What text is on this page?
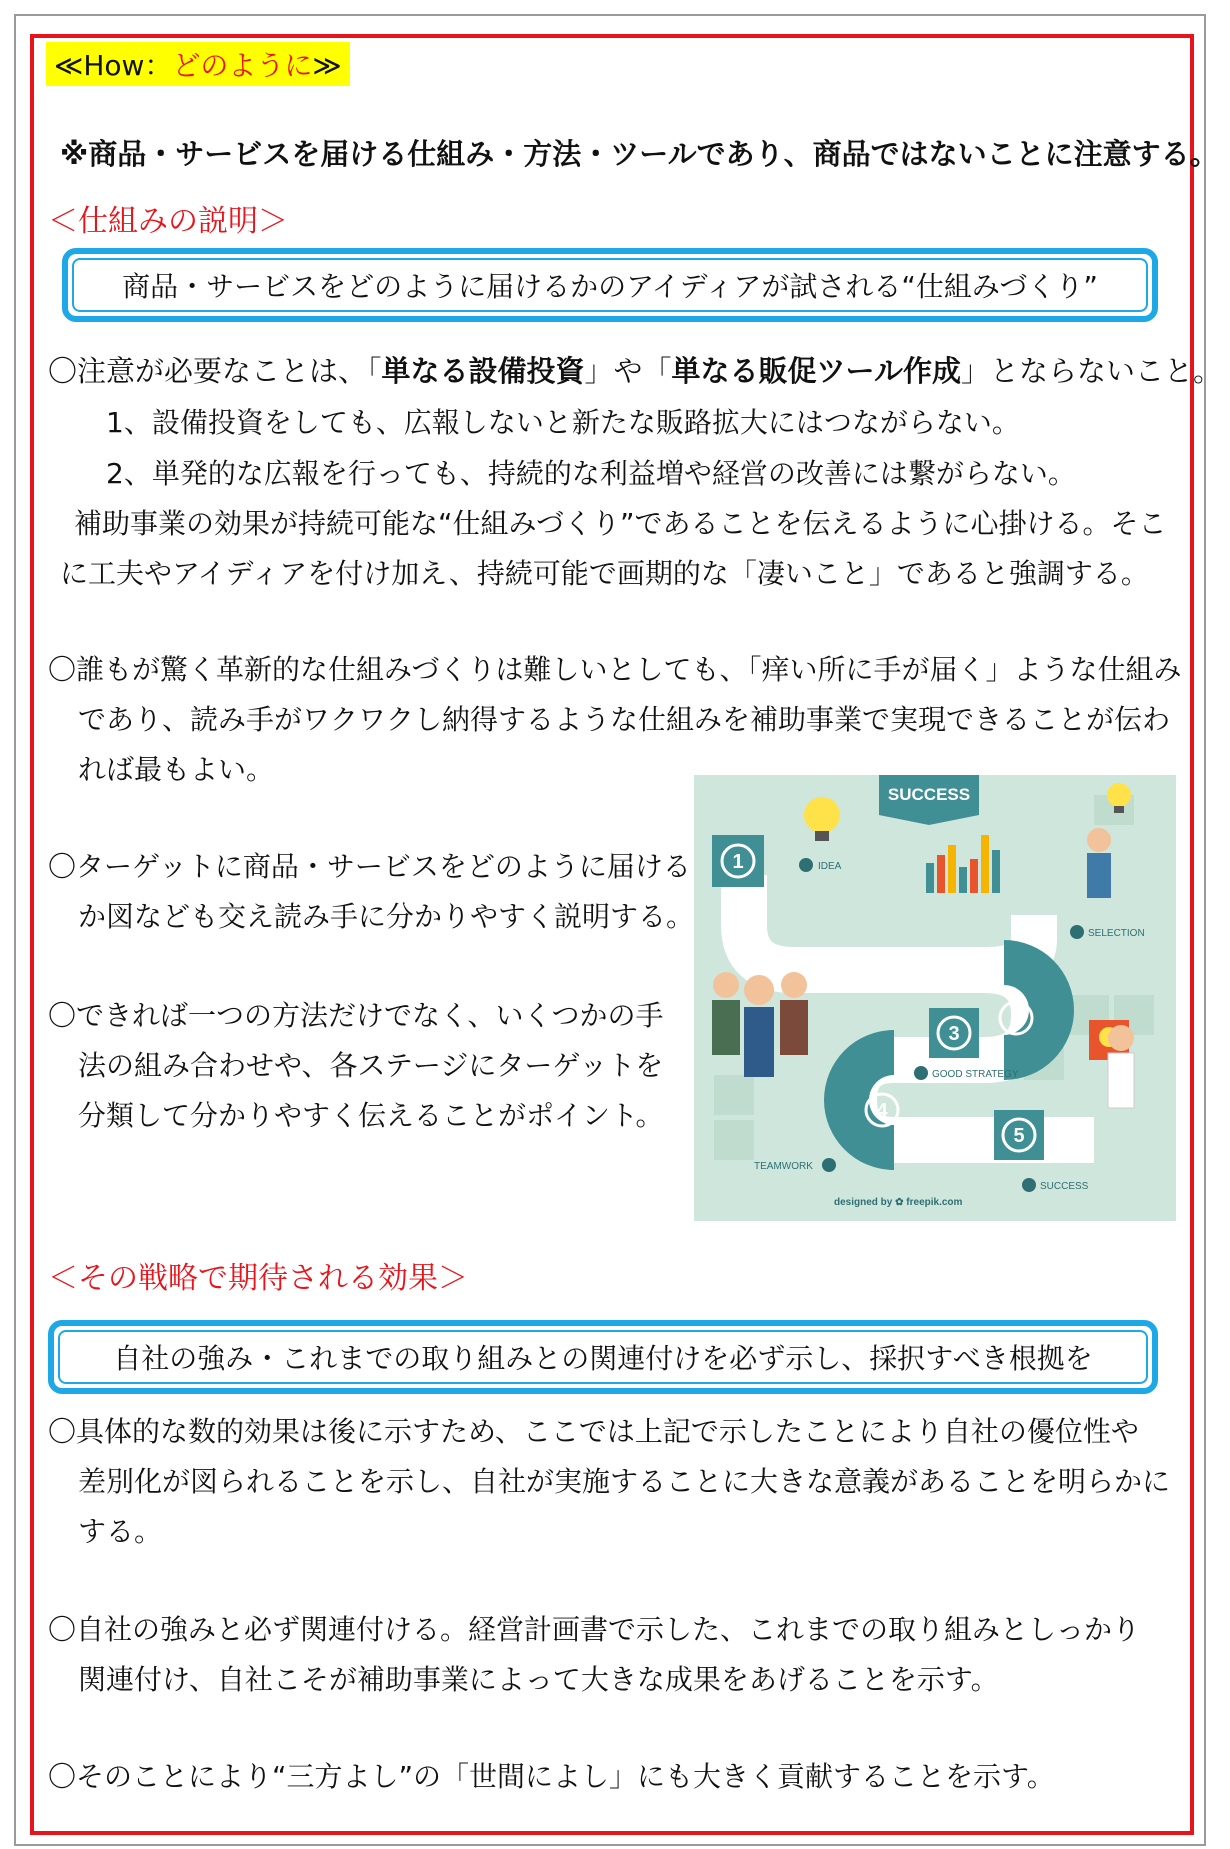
≪How：どのように≫
※商品・サービスを届ける仕組み・方法・ツールであり、商品ではないことに注意する。
＜仕組みの説明＞
商品・サービスをどのように届けるかのアイディアが試される“仕組みづくり”
〇注意が必要なことは、「単なる設備投資」や「単なる販促ツール作成」とならないこと。
1、設備投資をしても、広報しないと新たな販路拡大にはつながらない。
2、単発的な広報を行っても、持続的な利益増や経営の改善には繋がらない。
補助事業の効果が持続可能な“仕組みづくり”であることを伝えるように心掛ける。そこ
に工夫やアイディアを付け加え、持続可能で画期的な「凄いこと」であると強調する。
〇誰もが驚く革新的な仕組みづくりは難しいとしても、「痒い所に手が届く」ような仕組み
であり、読み手がワクワクし納得するような仕組みを補助事業で実現できることが伝わ
れば最もよい。
〇ターゲットに商品・サービスをどのように届ける
か図なども交え読み手に分かりやすく説明する。
〇できれば一つの方法だけでなく、いくつかの手
法の組み合わせや、各ステージにターゲットを
分類して分かりやすく伝えることがポイント。
1
2
3
4
5
SUCCESS
IDEA
SELECTION
GOOD STRATEGY
TEAMWORK
SUCCESS
designed by ✿ freepik.com
＜その戦略で期待される効果＞
自社の強み・これまでの取り組みとの関連付けを必ず示し、採択すべき根拠を
〇具体的な数的効果は後に示すため、ここでは上記で示したことにより自社の優位性や
差別化が図られることを示し、自社が実施することに大きな意義があることを明らかに
する。
〇自社の強みと必ず関連付ける。経営計画書で示した、これまでの取り組みとしっかり
関連付け、自社こそが補助事業によって大きな成果をあげることを示す。
〇そのことにより“三方よし”の「世間によし」にも大きく貢献することを示す。
